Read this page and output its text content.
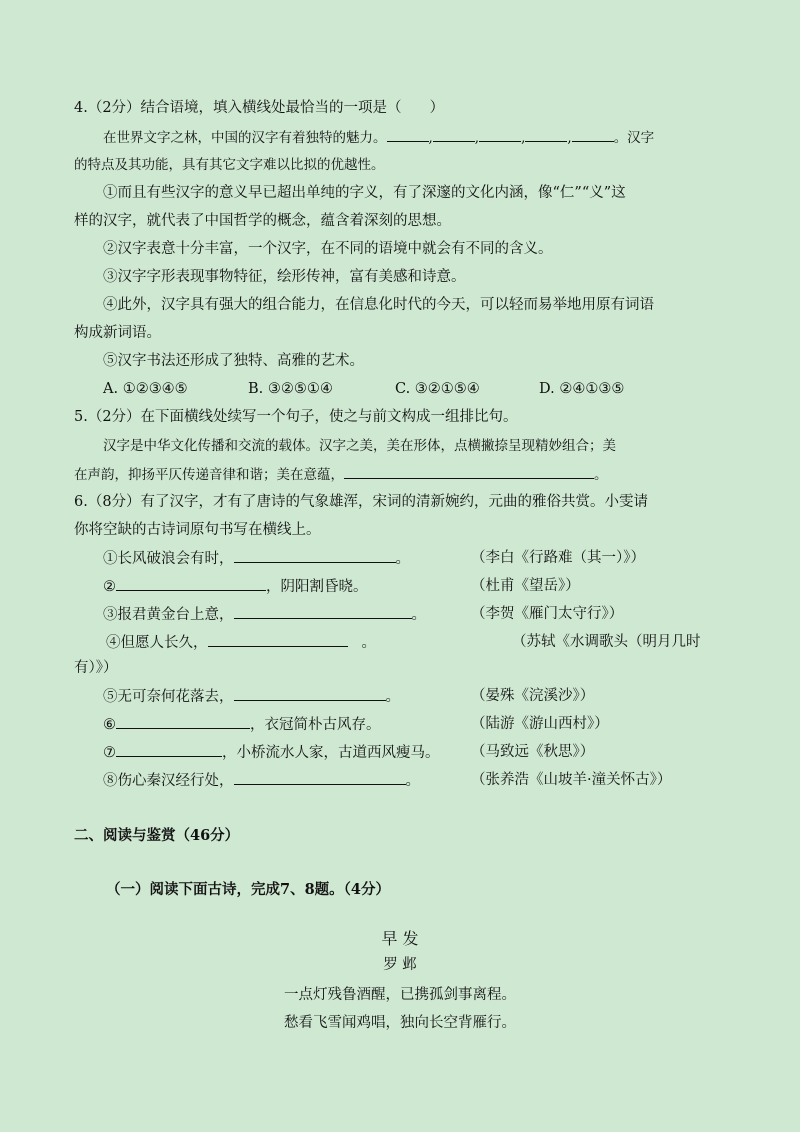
4.（2分）结合语境，填入横线处最恰当的一项是（ ）
在世界文字之林，中国的汉字有着独特的魅力。	,	,	,	,	。汉字
的特点及其功能，具有其它文字难以比拟的优越性。
①而且有些汉字的意义早已超出单纯的字义，有了深邃的文化内涵，像“仁”“义”这
样的汉字，就代表了中国哲学的概念，蕴含着深刻的思想。
②汉字表意十分丰富，一个汉字，在不同的语境中就会有不同的含义。
③汉字字形表现事物特征，绘形传神，富有美感和诗意。
④此外，汉字具有强大的组合能力，在信息化时代的今天，可以轻而易举地用原有词语
构成新词语。
⑤汉字书法还形成了独特、高雅的艺术。
A. ①②③④⑤	B. ③②⑤①④	C. ③②①⑤④	D. ②④①③⑤
5.（2分）在下面横线处续写一个句子，使之与前文构成一组排比句。
汉字是中华文化传播和交流的载体。汉字之美，美在形体，点横撇捺呈现精妙组合；美
在声韵，抑扬平仄传递音律和谐；美在意蕴，	。
6.（8分）有了汉字，才有了唐诗的气象雄浑，宋词的清新婉约，元曲的雅俗共赏。小雯请
你将空缺的古诗词原句书写在横线上。
①长风破浪会有时，	。	（李白《行路难（其一）》）
②	，阴阳割昏晓。	（杜甫《望岳》）
③报君黄金台上意，	。	（李贺《雁门太守行》）
④但愿人长久，	。	（苏轼《水调歌头（明月几时
有）》）
⑤无可奈何花落去，	。	（晏殊《浣溪沙》）
⑥	，衣冠简朴古风存。	（陆游《游山西村》）
⑦	，小桥流水人家，古道西风瘦马。 （马致远《秋思》）
⑧伤心秦汉经行处，	。	（张养浩《山坡羊·潼关怀古》）
二、阅读与鉴赏（46分）
（一）阅读下面古诗，完成7、8题。（4分）
早 发
罗 邺
一点灯残鲁酒醒，已携孤剑事离程。
愁看飞雪闻鸡唱，独向长空背雁行。
